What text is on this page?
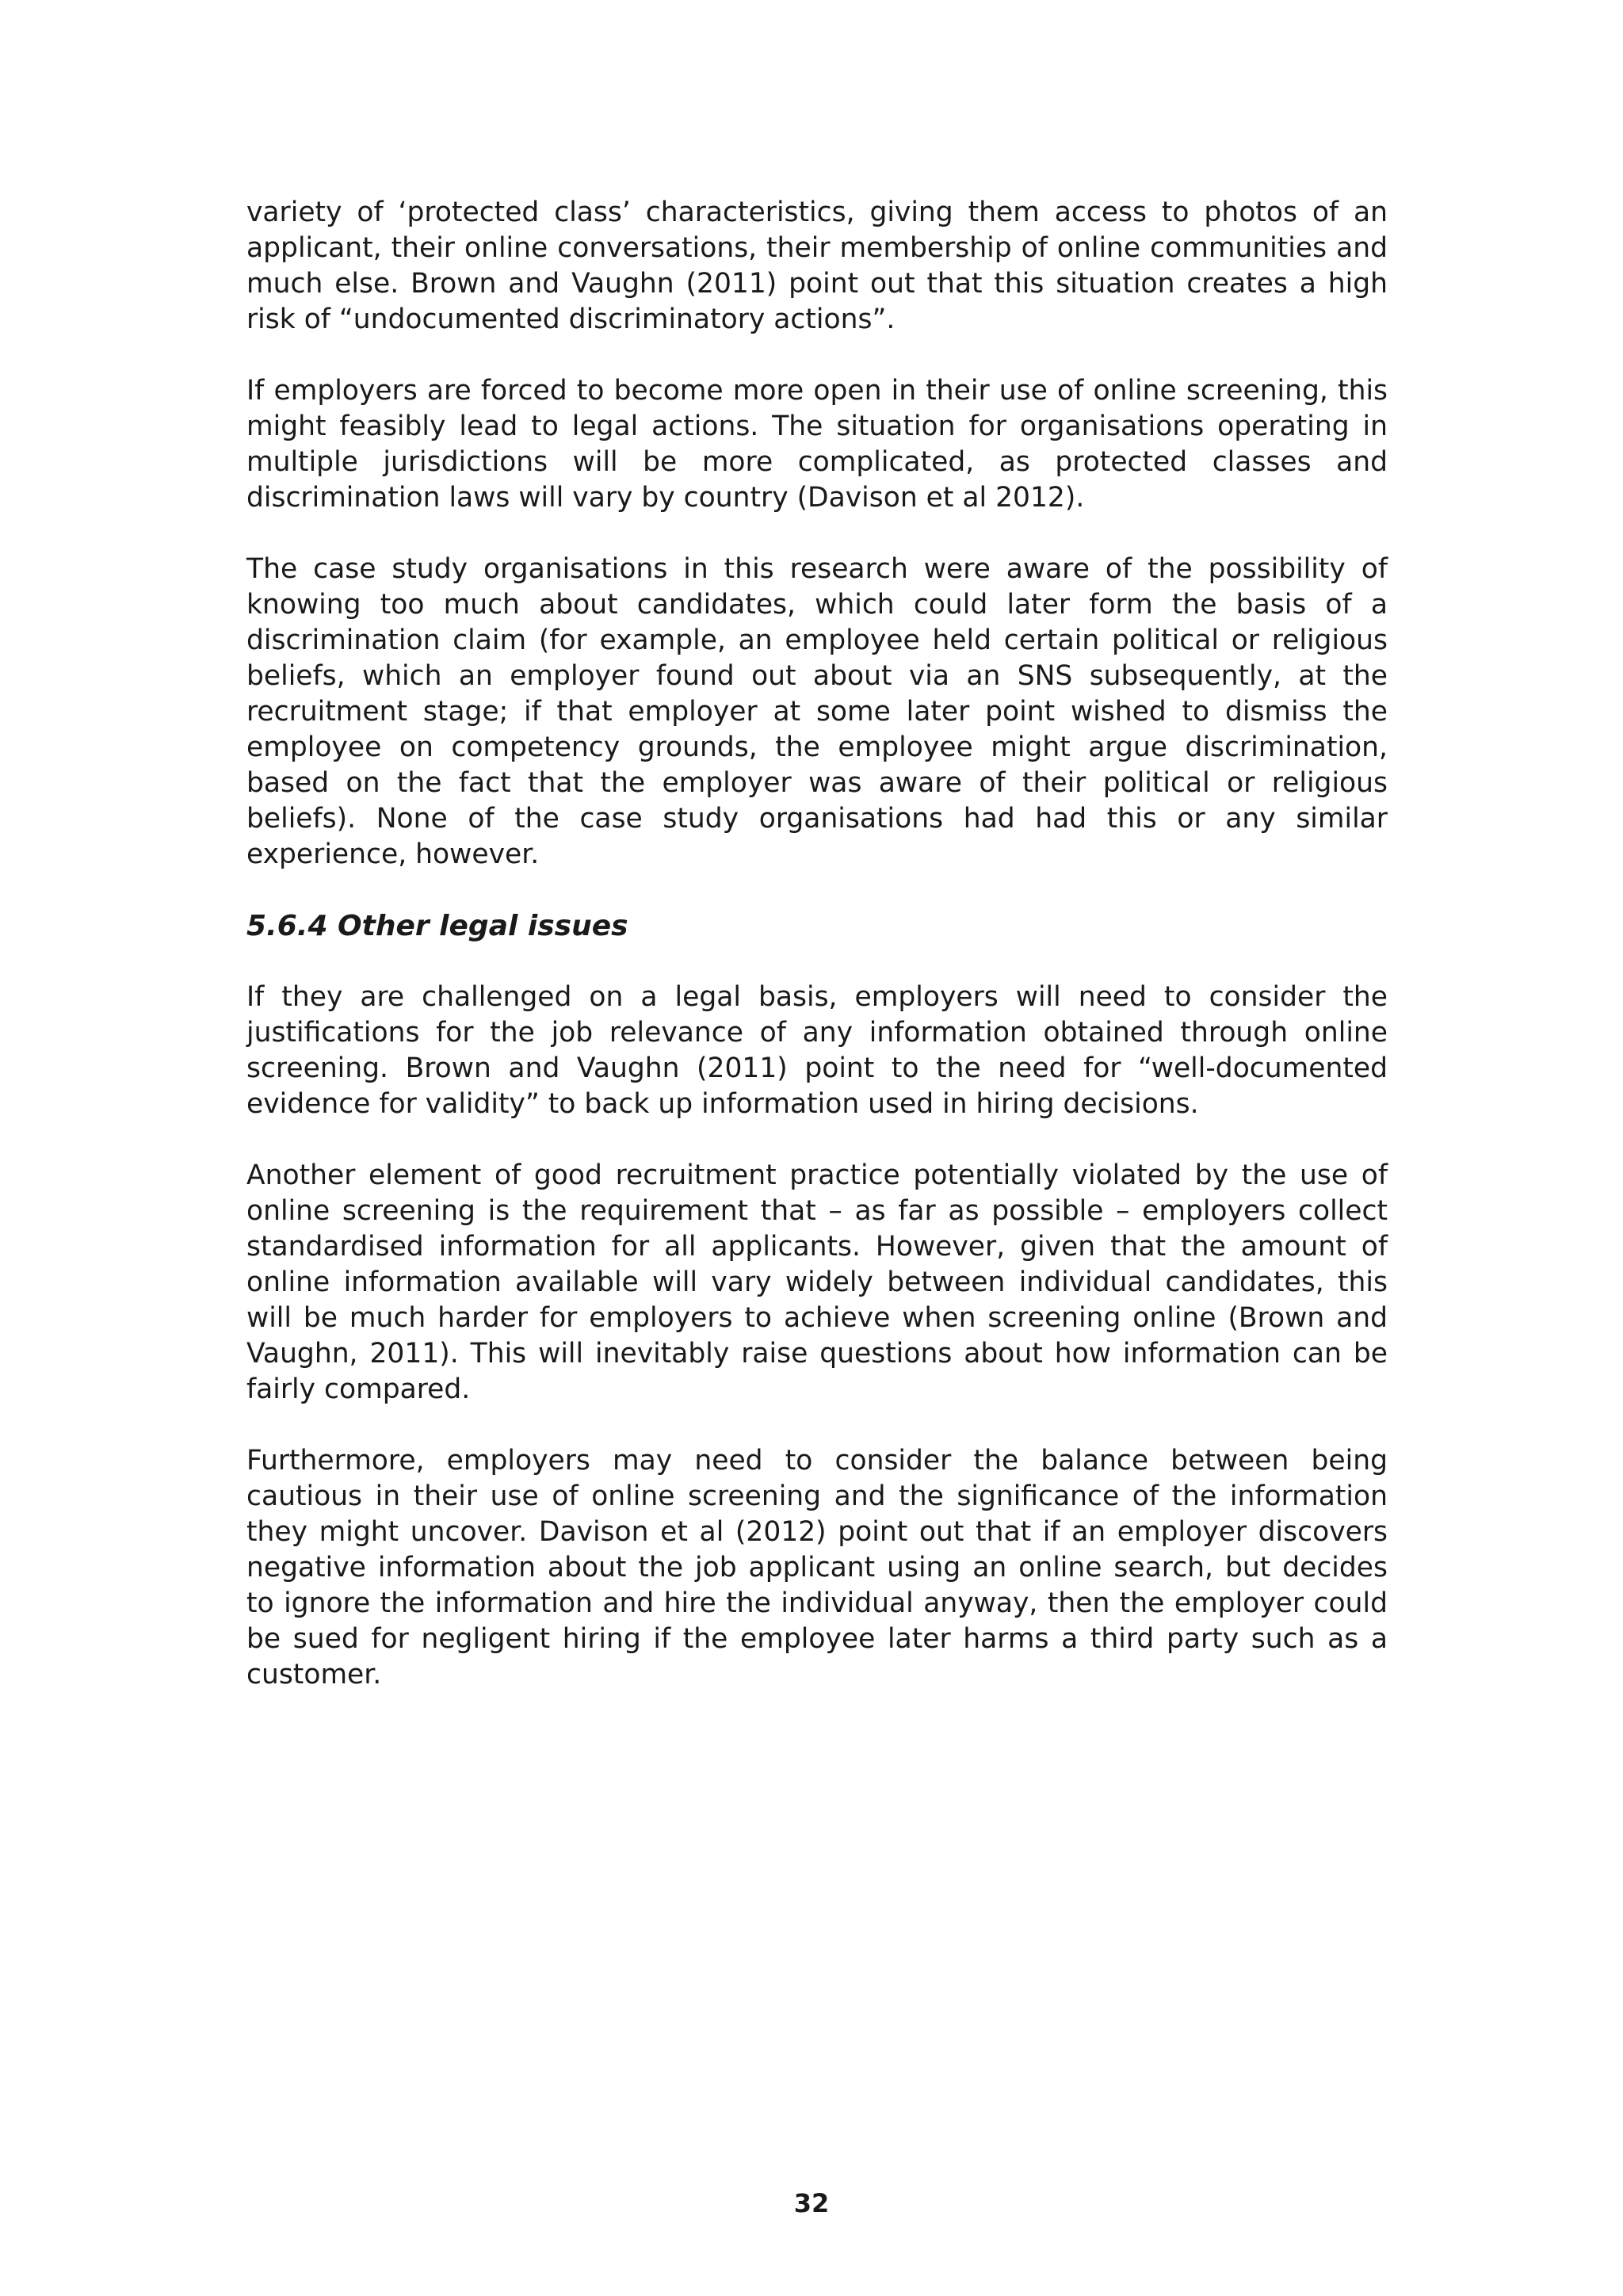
variety of ‘protected class’ characteristics, giving them access to photos of an applicant, their online conversations, their membership of online communities and much else. Brown and Vaughn (2011) point out that this situation creates a high risk of “undocumented discriminatory actions”.

If employers are forced to become more open in their use of online screening, this might feasibly lead to legal actions. The situation for organisations operating in multiple jurisdictions will be more complicated, as protected classes and discrimination laws will vary by country (Davison et al 2012).

The case study organisations in this research were aware of the possibility of knowing too much about candidates, which could later form the basis of a discrimination claim (for example, an employee held certain political or religious beliefs, which an employer found out about via an SNS subsequently, at the recruitment stage; if that employer at some later point wished to dismiss the employee on competency grounds, the employee might argue discrimination, based on the fact that the employer was aware of their political or religious beliefs). None of the case study organisations had had this or any similar experience, however.

5.6.4 Other legal issues

If they are challenged on a legal basis, employers will need to consider the justifications for the job relevance of any information obtained through online screening. Brown and Vaughn (2011) point to the need for “well-documented evidence for validity” to back up information used in hiring decisions.

Another element of good recruitment practice potentially violated by the use of online screening is the requirement that – as far as possible – employers collect standardised information for all applicants. However, given that the amount of online information available will vary widely between individual candidates, this will be much harder for employers to achieve when screening online (Brown and Vaughn, 2011). This will inevitably raise questions about how information can be fairly compared.

Furthermore, employers may need to consider the balance between being cautious in their use of online screening and the significance of the information they might uncover. Davison et al (2012) point out that if an employer discovers negative information about the job applicant using an online search, but decides to ignore the information and hire the individual anyway, then the employer could be sued for negligent hiring if the employee later harms a third party such as a customer.

32
